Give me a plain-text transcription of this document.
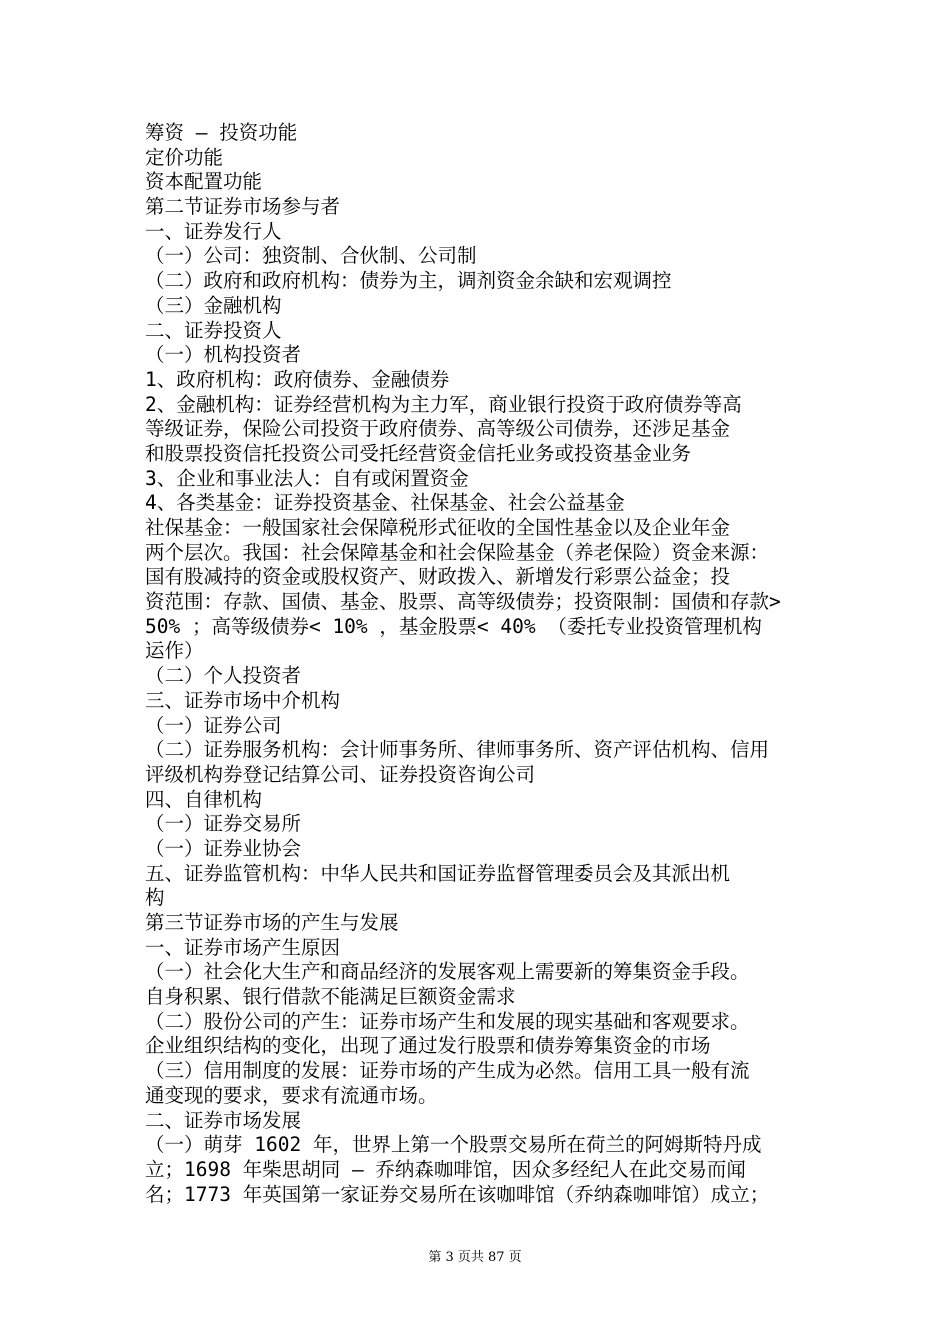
筹资 – 投资功能
定价功能
资本配置功能
第二节证券市场参与者
一、证券发行人
（一）公司：独资制、合伙制、公司制
（二）政府和政府机构：债券为主，调剂资金余缺和宏观调控
（三）金融机构
二、证券投资人
（一）机构投资者
1、政府机构：政府债券、金融债券
2、金融机构：证券经营机构为主力军，商业银行投资于政府债券等高
等级证券，保险公司投资于政府债券、高等级公司债券，还涉足基金
和股票投资信托投资公司受托经营资金信托业务或投资基金业务
3、企业和事业法人：自有或闲置资金
4、各类基金：证券投资基金、社保基金、社会公益基金
社保基金：一般国家社会保障税形式征收的全国性基金以及企业年金
两个层次。我国：社会保障基金和社会保险基金（养老保险）资金来源：
国有股减持的资金或股权资产、财政拨入、新增发行彩票公益金；投
资范围：存款、国债、基金、股票、高等级债券；投资限制：国债和存款>
50% ；高等级债券< 10% ，基金股票< 40% （委托专业投资管理机构
运作）
（二）个人投资者
三、证券市场中介机构
（一）证券公司
（二）证券服务机构：会计师事务所、律师事务所、资产评估机构、信用
评级机构券登记结算公司、证券投资咨询公司
四、自律机构
（一）证券交易所
（一）证券业协会
五、证券监管机构：中华人民共和国证券监督管理委员会及其派出机
构
第三节证券市场的产生与发展
一、证券市场产生原因
（一）社会化大生产和商品经济的发展客观上需要新的筹集资金手段。
自身积累、银行借款不能满足巨额资金需求
（二）股份公司的产生：证券市场产生和发展的现实基础和客观要求。
企业组织结构的变化，出现了通过发行股票和债券筹集资金的市场
（三）信用制度的发展：证券市场的产生成为必然。信用工具一般有流
通变现的要求，要求有流通市场。
二、证券市场发展
（一）萌芽 1602 年，世界上第一个股票交易所在荷兰的阿姆斯特丹成
立；1698 年柴思胡同 – 乔纳森咖啡馆，因众多经纪人在此交易而闻
名；1773 年英国第一家证券交易所在该咖啡馆（乔纳森咖啡馆）成立；
第 3 页共 87 页
